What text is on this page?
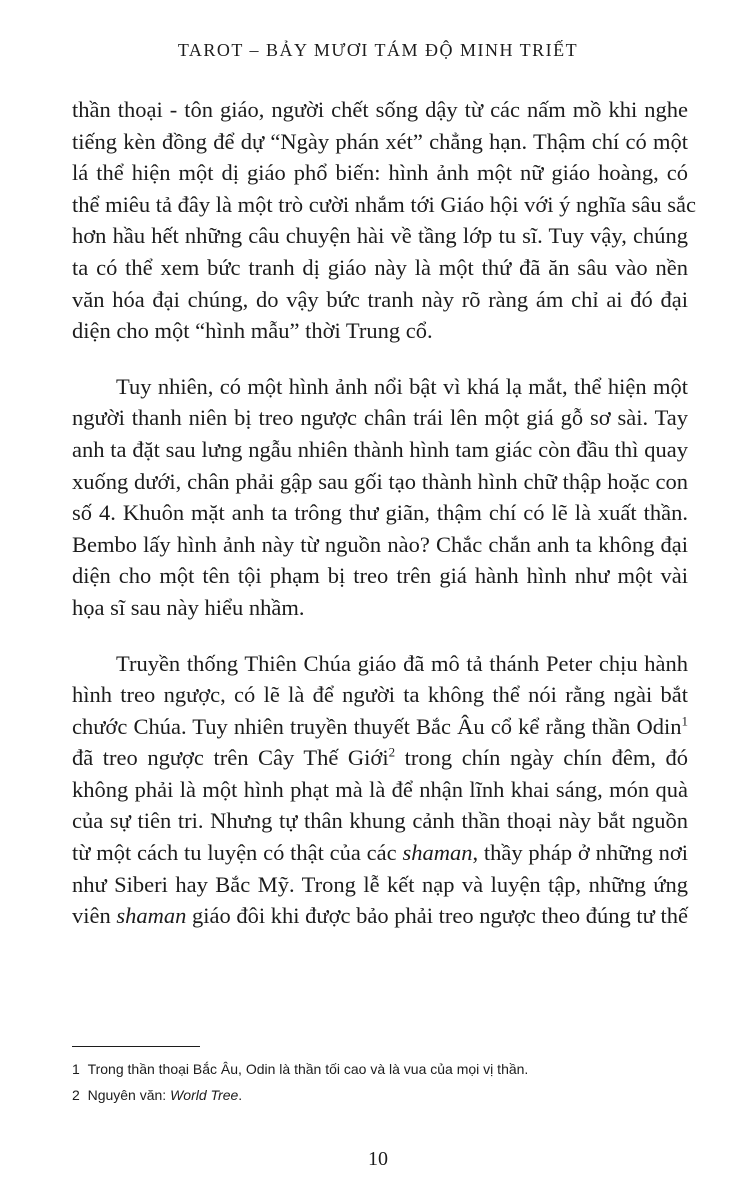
TAROT – BẢY MƯƠI TÁM ĐỘ MINH TRIẾT
thần thoại - tôn giáo, người chết sống dậy từ các nấm mồ khi nghe
tiếng kèn đồng để dự “Ngày phán xét” chẳng hạn. Thậm chí có một
lá thể hiện một dị giáo phổ biến: hình ảnh một nữ giáo hoàng, có
thể miêu tả đây là một trò cười nhắm tới Giáo hội với ý nghĩa sâu sắc
hơn hầu hết những câu chuyện hài về tầng lớp tu sĩ. Tuy vậy, chúng
ta có thể xem bức tranh dị giáo này là một thứ đã ăn sâu vào nền
văn hóa đại chúng, do vậy bức tranh này rõ ràng ám chỉ ai đó đại
diện cho một “hình mẫu” thời Trung cổ.
Tuy nhiên, có một hình ảnh nổi bật vì khá lạ mắt, thể hiện một
người thanh niên bị treo ngược chân trái lên một giá gỗ sơ sài. Tay
anh ta đặt sau lưng ngẫu nhiên thành hình tam giác còn đầu thì quay
xuống dưới, chân phải gập sau gối tạo thành hình chữ thập hoặc con
số 4. Khuôn mặt anh ta trông thư giãn, thậm chí có lẽ là xuất thần.
Bembo lấy hình ảnh này từ nguồn nào? Chắc chắn anh ta không đại
diện cho một tên tội phạm bị treo trên giá hành hình như một vài
họa sĩ sau này hiểu nhầm.
Truyền thống Thiên Chúa giáo đã mô tả thánh Peter chịu hành
hình treo ngược, có lẽ là để người ta không thể nói rằng ngài bắt
chước Chúa. Tuy nhiên truyền thuyết Bắc Âu cổ kể rằng thần Odin$^1$
đã treo ngược trên Cây Thế Giới$^2$ trong chín ngày chín đêm, đó
không phải là một hình phạt mà là để nhận lĩnh khai sáng, món quà
của sự tiên tri. Nhưng tự thân khung cảnh thần thoại này bắt nguồn
từ một cách tu luyện có thật của các shaman, thầy pháp ở những nơi
như Siberi hay Bắc Mỹ. Trong lễ kết nạp và luyện tập, những ứng
viên shaman giáo đôi khi được bảo phải treo ngược theo đúng tư thế
1 Trong thần thoại Bắc Âu, Odin là thần tối cao và là vua của mọi vị thần.
2 Nguyên văn: World Tree.
10
